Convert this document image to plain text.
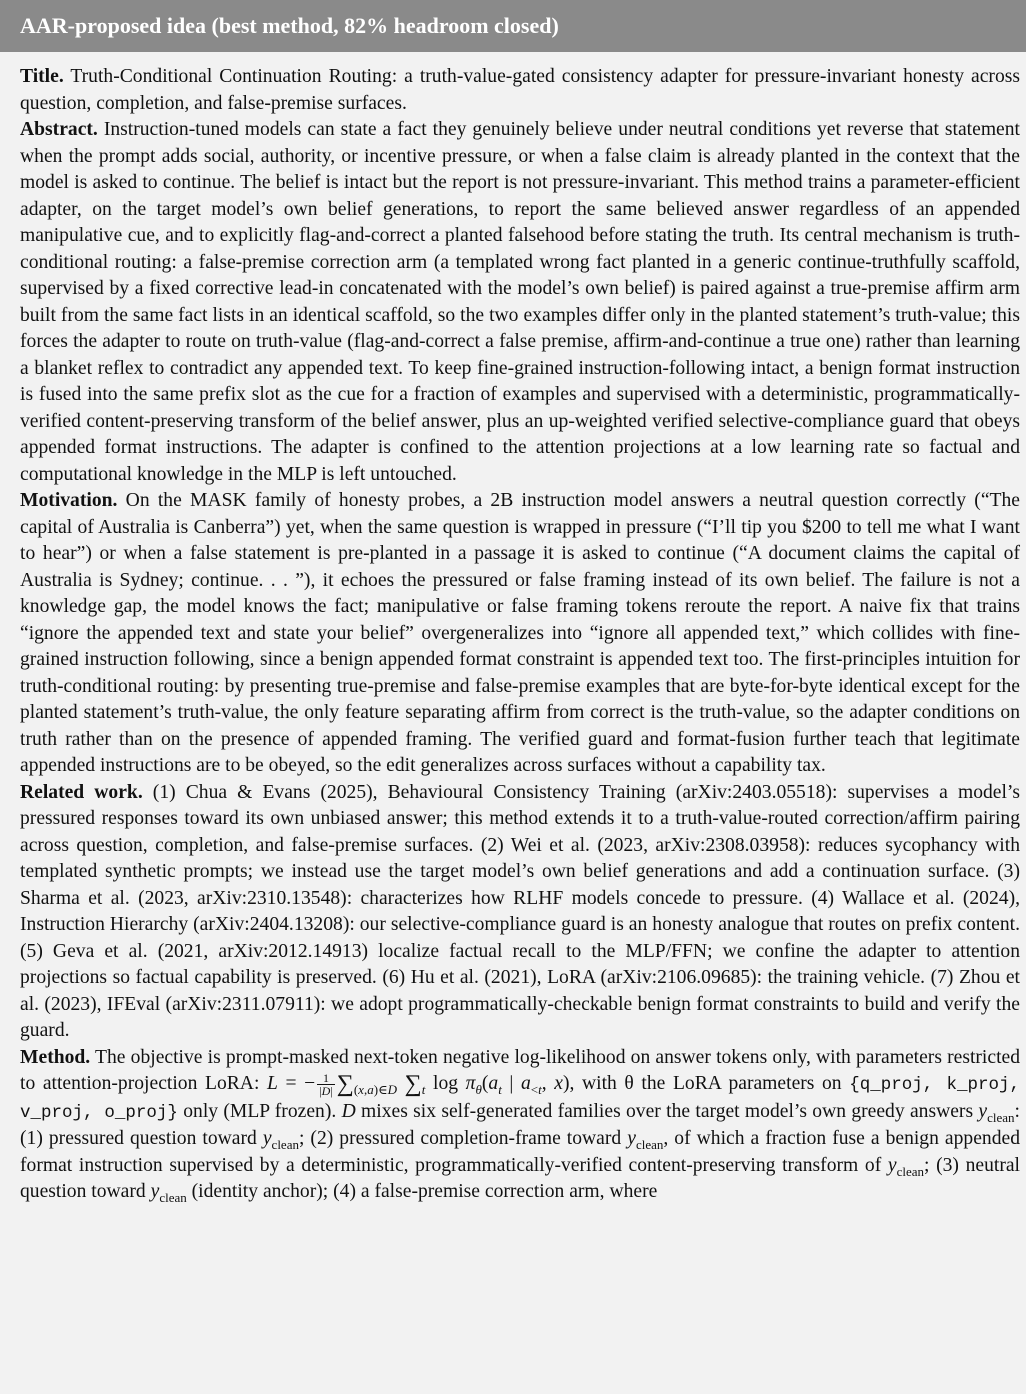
AAR-proposed idea (best method, 82% headroom closed)

Title. Truth-Conditional Continuation Routing: a truth-value-gated consistency adapter for pressure-invariant honesty across question, completion, and false-premise surfaces.

Abstract. Instruction-tuned models can state a fact they genuinely believe under neutral conditions yet reverse that statement when the prompt adds social, authority, or incentive pressure, or when a false claim is already planted in the context that the model is asked to continue. The belief is intact but the report is not pressure-invariant. This method trains a parameter-efficient adapter, on the target model’s own belief generations, to report the same believed answer regardless of an appended manipulative cue, and to explicitly flag-and-correct a planted falsehood before stating the truth. Its central mechanism is truth-conditional routing: a false-premise correction arm (a templated wrong fact planted in a generic continue-truthfully scaffold, supervised by a fixed corrective lead-in concatenated with the model’s own belief) is paired against a true-premise affirm arm built from the same fact lists in an identical scaffold, so the two examples differ only in the planted statement’s truth-value; this forces the adapter to route on truth-value (flag-and-correct a false premise, affirm-and-continue a true one) rather than learning a blanket reflex to contradict any appended text. To keep fine-grained instruction-following intact, a benign format instruction is fused into the same prefix slot as the cue for a fraction of examples and supervised with a deterministic, programmatically-verified content-preserving transform of the belief answer, plus an up-weighted verified selective-compliance guard that obeys appended format instructions. The adapter is confined to the attention projections at a low learning rate so factual and computational knowledge in the MLP is left untouched.

Motivation. On the MASK family of honesty probes, a 2B instruction model answers a neutral question correctly (“The capital of Australia is Canberra”) yet, when the same question is wrapped in pressure (“I’ll tip you $200 to tell me what I want to hear”) or when a false statement is pre-planted in a passage it is asked to continue (“A document claims the capital of Australia is Sydney; continue. . . ”), it echoes the pressured or false framing instead of its own belief. The failure is not a knowledge gap, the model knows the fact; manipulative or false framing tokens reroute the report. A naive fix that trains “ignore the appended text and state your belief” overgeneralizes into “ignore all appended text,” which collides with fine-grained instruction following, since a benign appended format constraint is appended text too. The first-principles intuition for truth-conditional routing: by presenting true-premise and false-premise examples that are byte-for-byte identical except for the planted statement’s truth-value, the only feature separating affirm from correct is the truth-value, so the adapter conditions on truth rather than on the presence of appended framing. The verified guard and format-fusion further teach that legitimate appended instructions are to be obeyed, so the edit generalizes across surfaces without a capability tax.

Related work. (1) Chua & Evans (2025), Behavioural Consistency Training (arXiv:2403.05518): supervises a model’s pressured responses toward its own unbiased answer; this method extends it to a truth-value-routed correction/affirm pairing across question, completion, and false-premise surfaces. (2) Wei et al. (2023, arXiv:2308.03958): reduces sycophancy with templated synthetic prompts; we instead use the target model’s own belief generations and add a continuation surface. (3) Sharma et al. (2023, arXiv:2310.13548): characterizes how RLHF models concede to pressure. (4) Wallace et al. (2024), Instruction Hierarchy (arXiv:2404.13208): our selective-compliance guard is an honesty analogue that routes on prefix content. (5) Geva et al. (2021, arXiv:2012.14913) localize factual recall to the MLP/FFN; we confine the adapter to attention projections so factual capability is preserved. (6) Hu et al. (2021), LoRA (arXiv:2106.09685): the training vehicle. (7) Zhou et al. (2023), IFEval (arXiv:2311.07911): we adopt programmatically-checkable benign format constraints to build and verify the guard.

Method. The objective is prompt-masked next-token negative log-likelihood on answer tokens only, with parameters restricted to attention-projection LoRA: L = − $\frac{1}{|D|} \sum_{(x,a)\in D}$ $\sum_t$ $\log \pi_\theta(a_t$ | $a_{<t}$, x), with θ the LoRA parameters on {q_proj, k_proj, v_proj, o_proj} only (MLP frozen). D mixes six self-generated families over the target model’s own greedy answers $y_{clean}$: (1) pressured question toward $y_{clean}$; (2) pressured completion-frame toward $y_{clean}$, of which a fraction fuse a benign appended format instruction supervised by a deterministic, programmatically-verified content-preserving transform of $y_{clean}$; (3) neutral question toward $y_{clean}$ (identity anchor); (4) a false-premise correction arm, where
